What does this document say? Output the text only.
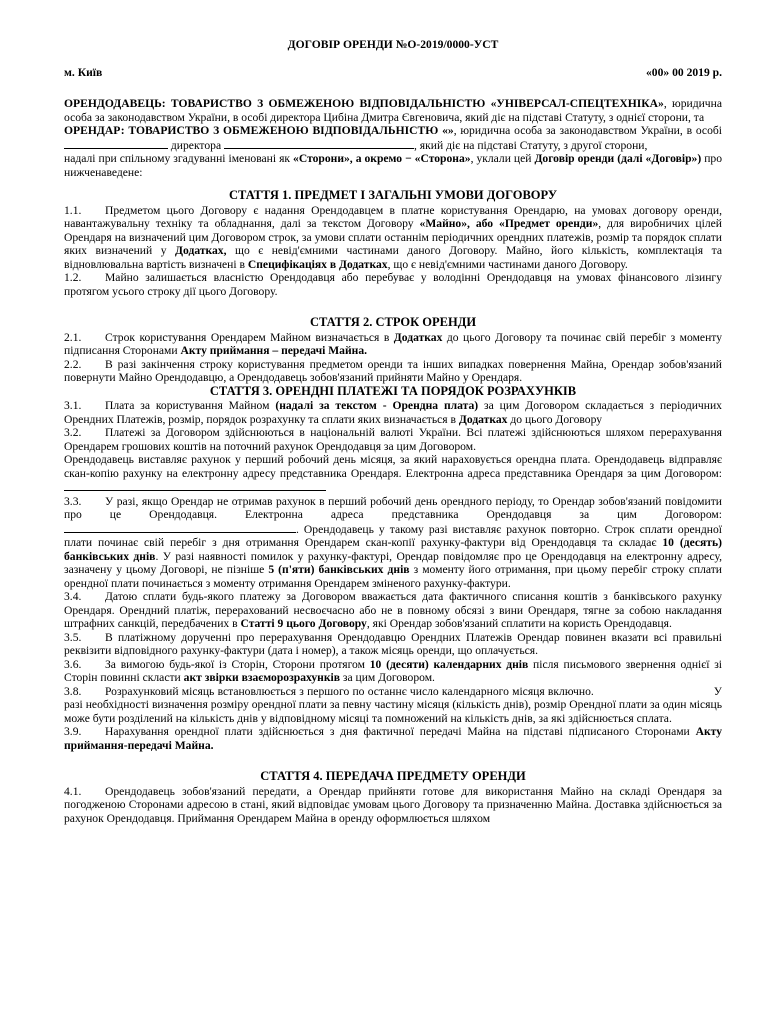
ДОГОВІР ОРЕНДИ №О-2019/0000-УСТ
м. Київ	«00» 00 2019 р.

ОРЕНДОДАВЕЦЬ: ТОВАРИСТВО З ОБМЕЖЕНОЮ ВІДПОВІДАЛЬНІСТЮ «УНІВЕРСАЛ-СПЕЦТЕХНІКА», юридична особа за законодавством України, в особі директора Цибіна Дмитра Євгеновича, який діє на підставі Статуту, з однієї сторони, та

ОРЕНДАР: ТОВАРИСТВО З ОБМЕЖЕНОЮ ВІДПОВІДАЛЬНІСТЮ «», юридична особа за законодавством України, в особі  директора	, який діє на підставі Статуту, з другої сторони,

надалі при спільному згадуванні іменовані як «Сторони», а окремо − «Сторона», уклали цей Договір оренди (далі «Договір») про нижченаведене:

СТАТТЯ 1. ПРЕДМЕТ І ЗАГАЛЬНІ УМОВИ ДОГОВОРУ

1.1. Предметом цього Договору є надання Орендодавцем в платне користування Орендарю, на умовах договору оренди, навантажувальну техніку та обладнання, далі за текстом Договору «Майно», або «Предмет оренди», для виробничих цілей Орендаря на визначений цим Договором строк, за умови сплати останнім періодичних орендних платежів, розмір та порядок сплати яких визначений у Додатках, що є невід'ємними частинами даного Договору. Майно, його кількість, комплектація та відновлювальна вартість визначені в Специфікаціях в Додатках, що є невід'ємними частинами даного Договору.

1.2. Майно залишається власністю Орендодавця або перебуває у володінні Орендодавця на умовах фінансового лізингу протягом усього строку дії цього Договору.

СТАТТЯ 2. СТРОК ОРЕНДИ

2.1. Строк користування Орендарем Майном визначається в Додатках до цього Договору та починає свій перебіг з моменту підписання Сторонами Акту приймання – передачі Майна.

2.2. В разі закінчення строку користування предметом оренди та інших випадках повернення Майна, Орендар зобов'язаний повернути Майно Орендодавцю, а Орендодавець зобов'язаний прийняти Майно у Орендаря.

СТАТТЯ 3. ОРЕНДНІ ПЛАТЕЖІ ТА ПОРЯДОК РОЗРАХУНКІВ

3.1. Плата за користування Майном (надалі за текстом - Орендна плата) за цим Договором складається з періодичних Орендних Платежів, розмір, порядок розрахунку та сплати яких визначається в Додатках до цього Договору

3.2. Платежі за Договором здійснюються в національній валюті України. Всі платежі здійснюються шляхом перерахування Орендарем грошових коштів на поточний рахунок Орендодавця за цим Договором.

Орендодавець виставляє рахунок у перший робочий день місяця, за який нараховується орендна плата. Орендодавець відправляє скан-копію рахунку на електронну адресу представника Орендаря. Електронна адреса представника Орендаря за цим Договором:

3.3. У разі, якщо Орендар не отримав рахунок в перший робочий день орендного періоду, то Орендар зобов'язаний повідомити про це Орендодавця. Електронна адреса представника Орендодавця за цим Договором: . Орендодавець у такому разі виставляє рахунок повторно. Строк сплати орендної плати починає свій перебіг з дня отримання Орендарем скан-копії рахунку-фактури від Орендодавця та складає 10 (десять) банківських днів. У разі наявності помилок у рахунку-фактурі, Орендар повідомляє про це Орендодавця на електронну адресу, зазначену у цьому Договорі, не пізніше 5 (п'яти) банківських днів з моменту його отримання, при цьому перебіг строку сплати орендної плати починається з моменту отримання Орендарем зміненого рахунку-фактури.

3.4. Датою сплати будь-якого платежу за Договором вважається дата фактичного списання коштів з банківського рахунку Орендаря. Орендний платіж, перерахований несвоєчасно або не в повному обсязі з вини Орендаря, тягне за собою накладання штрафних санкцій, передбачених в Статті 9 цього Договору, які Орендар зобов'язаний сплатити на користь Орендодавця.

3.5. В платіжному дорученні про перерахування Орендодавцю Орендних Платежів Орендар повинен вказати всі правильні реквізити відповідного рахунку-фактури (дата і номер), а також місяць оренди, що оплачується.

3.6. За вимогою будь-якої із Сторін, Сторони протягом 10 (десяти) календарних днів після письмового звернення однієї зі Сторін повинні скласти акт звірки взаєморозрахунків за цим Договором.

3.8. Розрахунковий місяць встановлюється з першого по останнє число календарного місяця включно.	У разі необхідності визначення розміру орендної плати за певну частину місяця (кількість днів), розмір Орендної плати за один місяць може бути розділений на кількість днів у відповідному місяці та помножений на кількість днів, за які здійснюється сплата.

3.9. Нарахування орендної плати здійснюється з дня фактичної передачі Майна на підставі підписаного Сторонами Акту приймання-передачі Майна.

СТАТТЯ 4. ПЕРЕДАЧА ПРЕДМЕТУ ОРЕНДИ

4.1. Орендодавець зобов'язаний передати, а Орендар прийняти готове для використання Майно на складі Орендаря за погодженою Сторонами адресою в стані, який відповідає умовам цього Договору та призначенню Майна. Доставка здійснюється за рахунок Орендодавця. Приймання Орендарем Майна в оренду оформлюється шляхом
